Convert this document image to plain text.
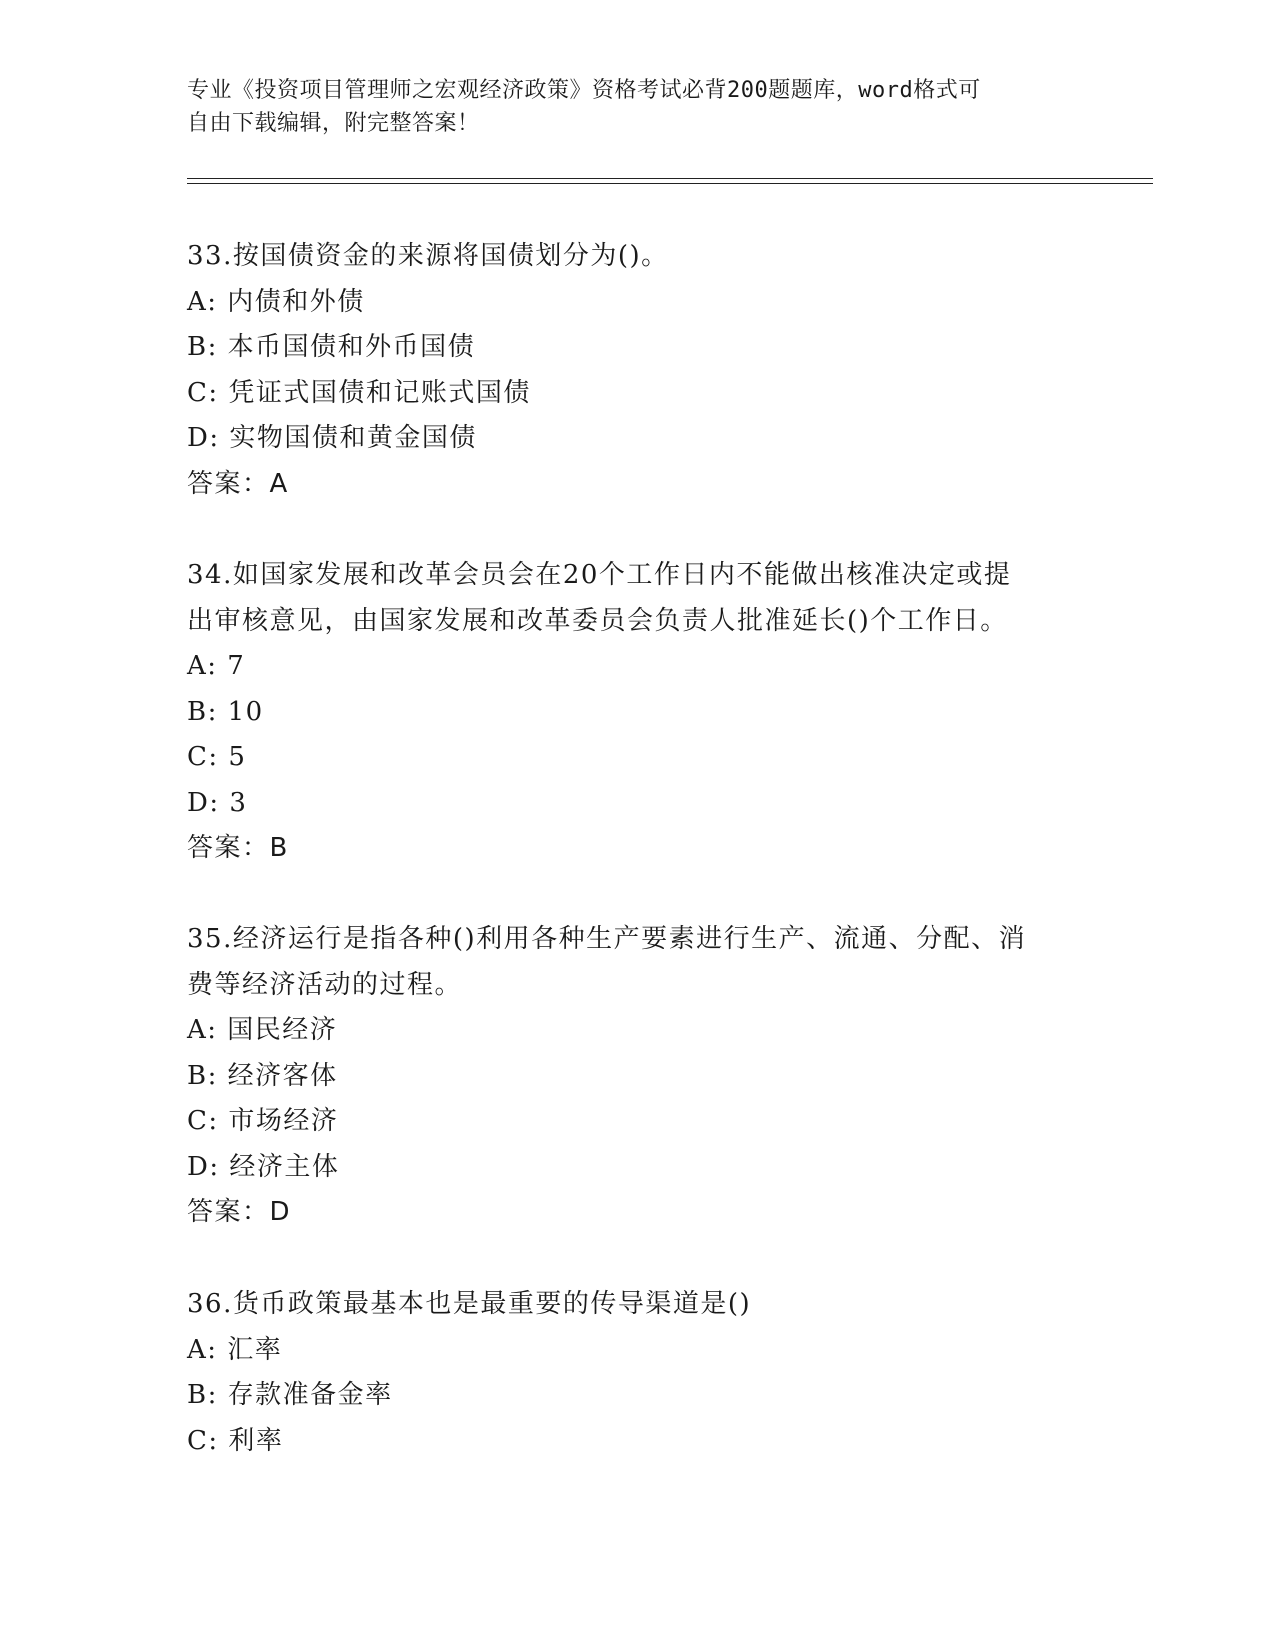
专业《投资项目管理师之宏观经济政策》资格考试必背200题题库，word格式可
自由下载编辑，附完整答案！

33.按国债资金的来源将国债划分为()。

A: 内债和外债

B: 本币国债和外币国债

C: 凭证式国债和记账式国债

D: 实物国债和黄金国债

答案：A

34.如国家发展和改革会员会在20个工作日内不能做出核准决定或提

出审核意见，由国家发展和改革委员会负责人批准延长()个工作日。

A: 7

B: 10

C: 5

D: 3

答案：B

35.经济运行是指各种()利用各种生产要素进行生产、流通、分配、消

费等经济活动的过程。

A: 国民经济

B: 经济客体

C: 市场经济

D: 经济主体

答案：D

36.货币政策最基本也是最重要的传导渠道是()

A: 汇率

B: 存款准备金率

C: 利率
